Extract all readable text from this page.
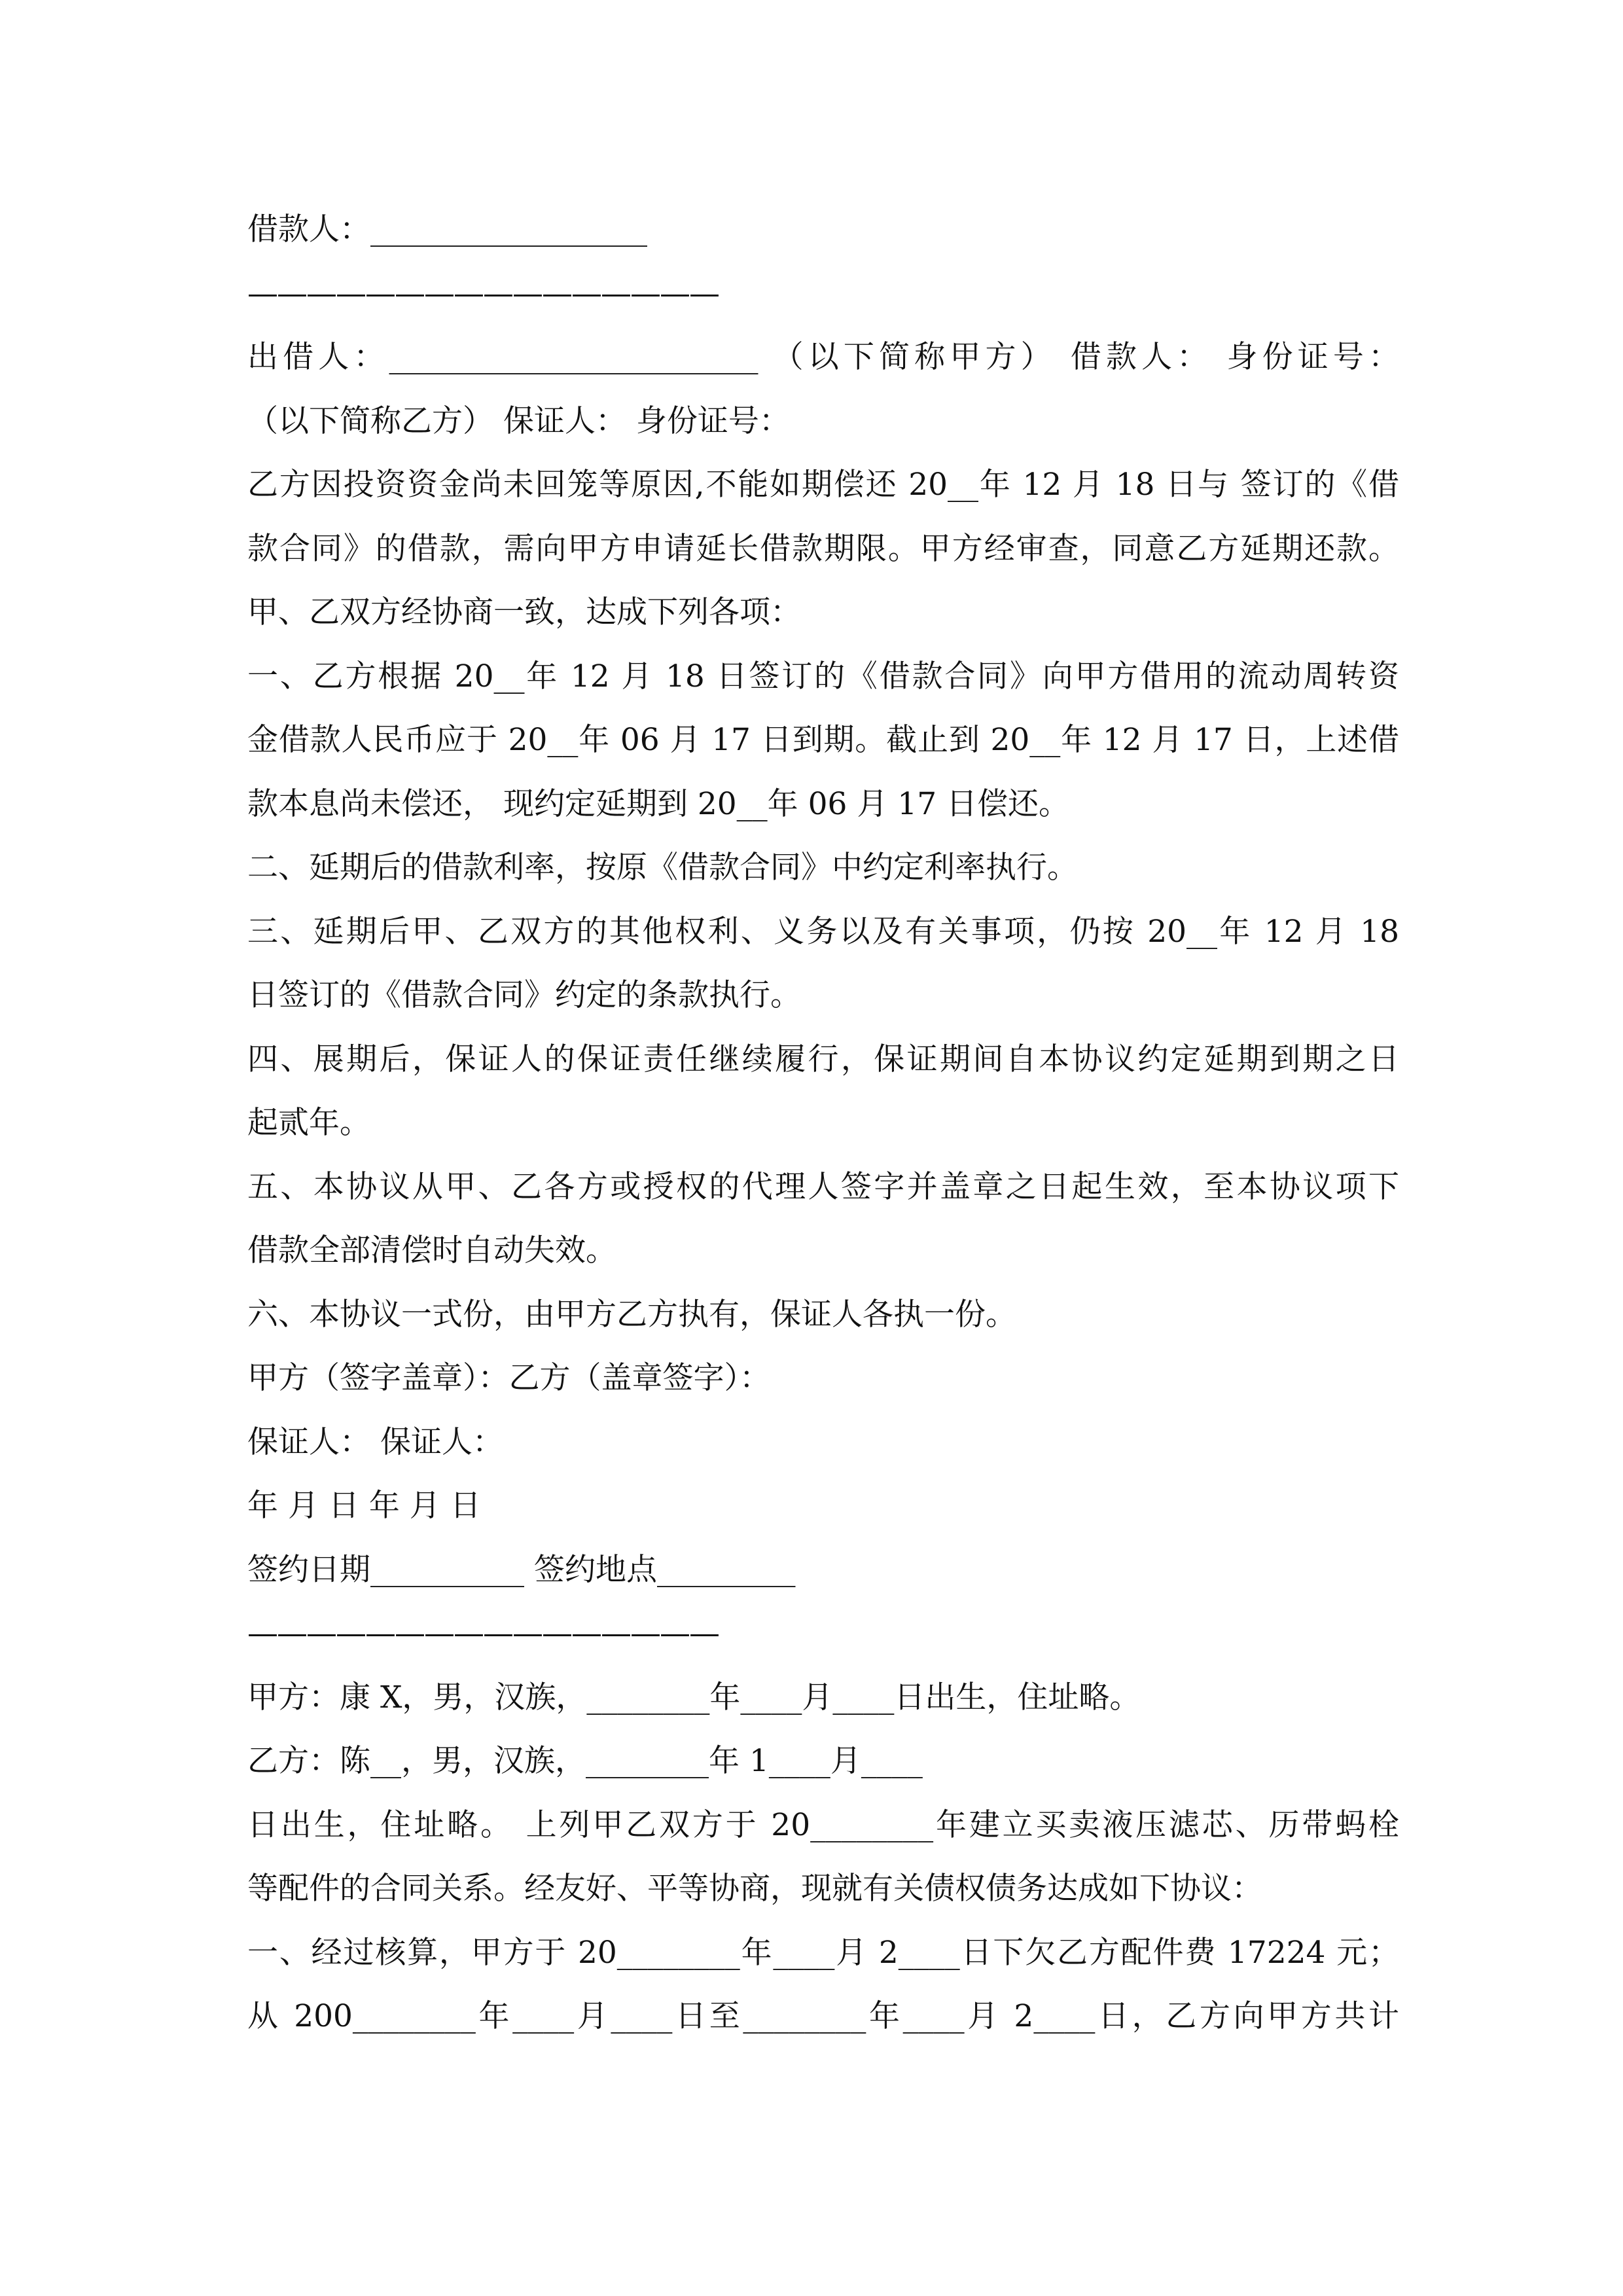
借款人：__________________
————————————————
出借人：________________________ （以下简称甲方） 借款人： 身份证号：
（以下简称乙方） 保证人： 身份证号：
乙方因投资资金尚未回笼等原因,不能如期偿还 20__年 12 月 18 日与 签订的《借
款合同》的借款，需向甲方申请延长借款期限。甲方经审查，同意乙方延期还款。
甲、乙双方经协商一致，达成下列各项：
一、乙方根据 20__年 12 月 18 日签订的《借款合同》向甲方借用的流动周转资
金借款人民币应于 20__年 06 月 17 日到期。截止到 20__年 12 月 17 日，上述借
款本息尚未偿还， 现约定延期到 20__年 06 月 17 日偿还。
二、延期后的借款利率，按原《借款合同》中约定利率执行。
三、延期后甲、乙双方的其他权利、义务以及有关事项，仍按 20__年 12 月 18
日签订的《借款合同》约定的条款执行。
四、展期后，保证人的保证责任继续履行，保证期间自本协议约定延期到期之日
起贰年。
五、本协议从甲、乙各方或授权的代理人签字并盖章之日起生效，至本协议项下
借款全部清偿时自动失效。
六、本协议一式份，由甲方乙方执有，保证人各执一份。
甲方（签字盖章）：乙方（盖章签字）：
保证人： 保证人：
年 月 日 年 月 日
签约日期__________ 签约地点_________
————————————————
甲方：康 X，男，汉族，________年____月____日出生，住址略。
乙方：陈__，男，汉族，________年 1____月____
日出生，住址略。 上列甲乙双方于 20________年建立买卖液压滤芯、历带蚂栓
等配件的合同关系。经友好、平等协商，现就有关债权债务达成如下协议：
一、经过核算，甲方于 20________年____月 2____日下欠乙方配件费 17224 元；
从 200________年____月____日至________年____月 2____日，乙方向甲方共计
